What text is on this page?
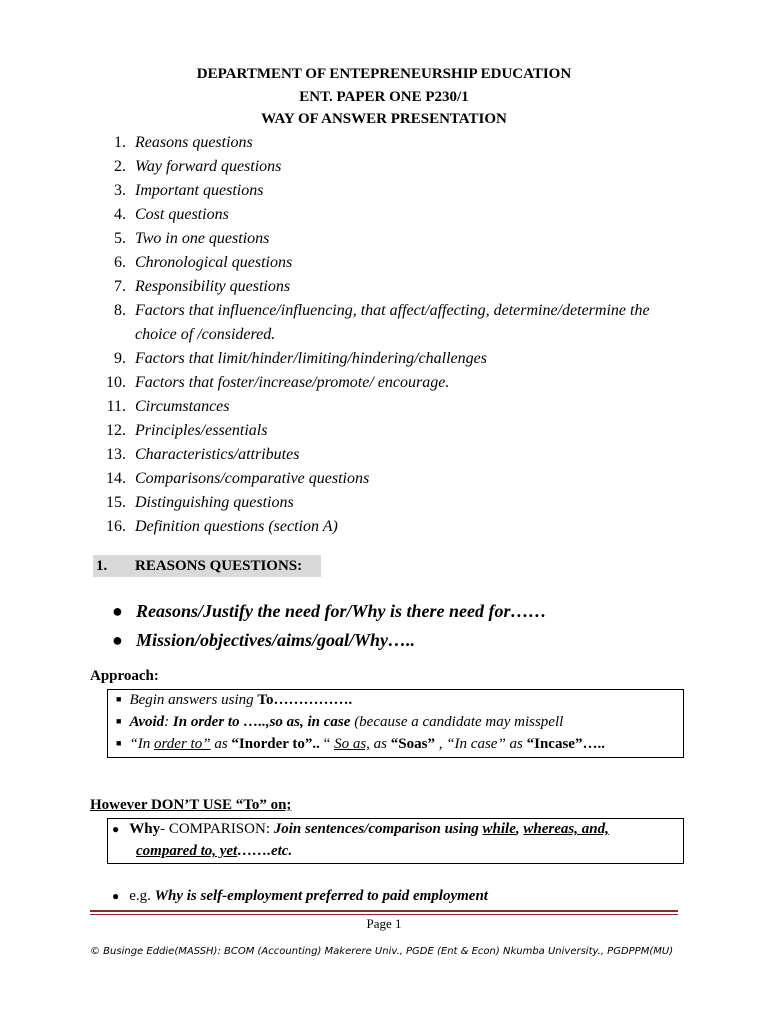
DEPARTMENT OF ENTEPRENEURSHIP EDUCATION
ENT. PAPER ONE P230/1
WAY OF ANSWER PRESENTATION
1. Reasons questions
2. Way forward questions
3. Important questions
4. Cost questions
5. Two in one questions
6. Chronological questions
7. Responsibility questions
8. Factors that influence/influencing, that affect/affecting, determine/determine the choice of /considered.
9. Factors that limit/hinder/limiting/hindering/challenges
10. Factors that foster/increase/promote/ encourage.
11. Circumstances
12. Principles/essentials
13. Characteristics/attributes
14. Comparisons/comparative questions
15. Distinguishing questions
16. Definition questions (section A)
1. REASONS QUESTIONS:
● Reasons/Justify the need for/Why is there need for……
● Mission/objectives/aims/goal/Why…..
Approach:
■ Begin answers using To…………….
■ Avoid: In order to …..,so as, in case (because a candidate may misspell
■ “In order to” as “Inorder to”.. “ So as, as “Soas” , “In case” as “Incase”…..
However DON’T USE “To” on;
● Why- COMPARISON: Join sentences/comparison using while, whereas, and,
compared to, yet…….etc.
● e.g. Why is self-employment preferred to paid employment
Page 1
© Businge Eddie(MASSH): BCOM (Accounting) Makerere Univ., PGDE (Ent & Econ) Nkumba University., PGDPPM(MU)
